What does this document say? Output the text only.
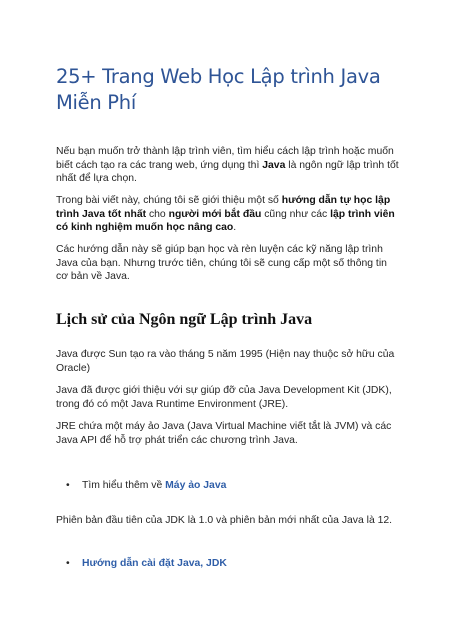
25+ Trang Web Học Lập trình Java Miễn Phí

Nếu bạn muốn trở thành lập trình viên, tìm hiểu cách lập trình hoặc muốn biết cách tạo ra các trang web, ứng dụng thì Java là ngôn ngữ lập trình tốt nhất để lựa chọn.

Trong bài viết này, chúng tôi sẽ giới thiệu một số hướng dẫn tự học lập trình Java tốt nhất cho người mới bắt đầu cũng như các lập trình viên có kinh nghiệm muốn học nâng cao.

Các hướng dẫn này sẽ giúp bạn học và rèn luyện các kỹ năng lập trình Java của bạn. Nhưng trước tiên, chúng tôi sẽ cung cấp một số thông tin cơ bản về Java.

Lịch sử của Ngôn ngữ Lập trình Java

Java được Sun tạo ra vào tháng 5 năm 1995 (Hiện nay thuộc sở hữu của Oracle)

Java đã được giới thiệu với sự giúp đỡ của Java Development Kit (JDK), trong đó có một Java Runtime Environment (JRE).

JRE chứa một máy ảo Java (Java Virtual Machine viết tắt là JVM) và các Java API để hỗ trợ phát triển các chương trình Java.

• Tìm hiểu thêm về Máy ảo Java

Phiên bản đầu tiên của JDK là 1.0 và phiên bản mới nhất của Java là 12.

• Hướng dẫn cài đặt Java, JDK
